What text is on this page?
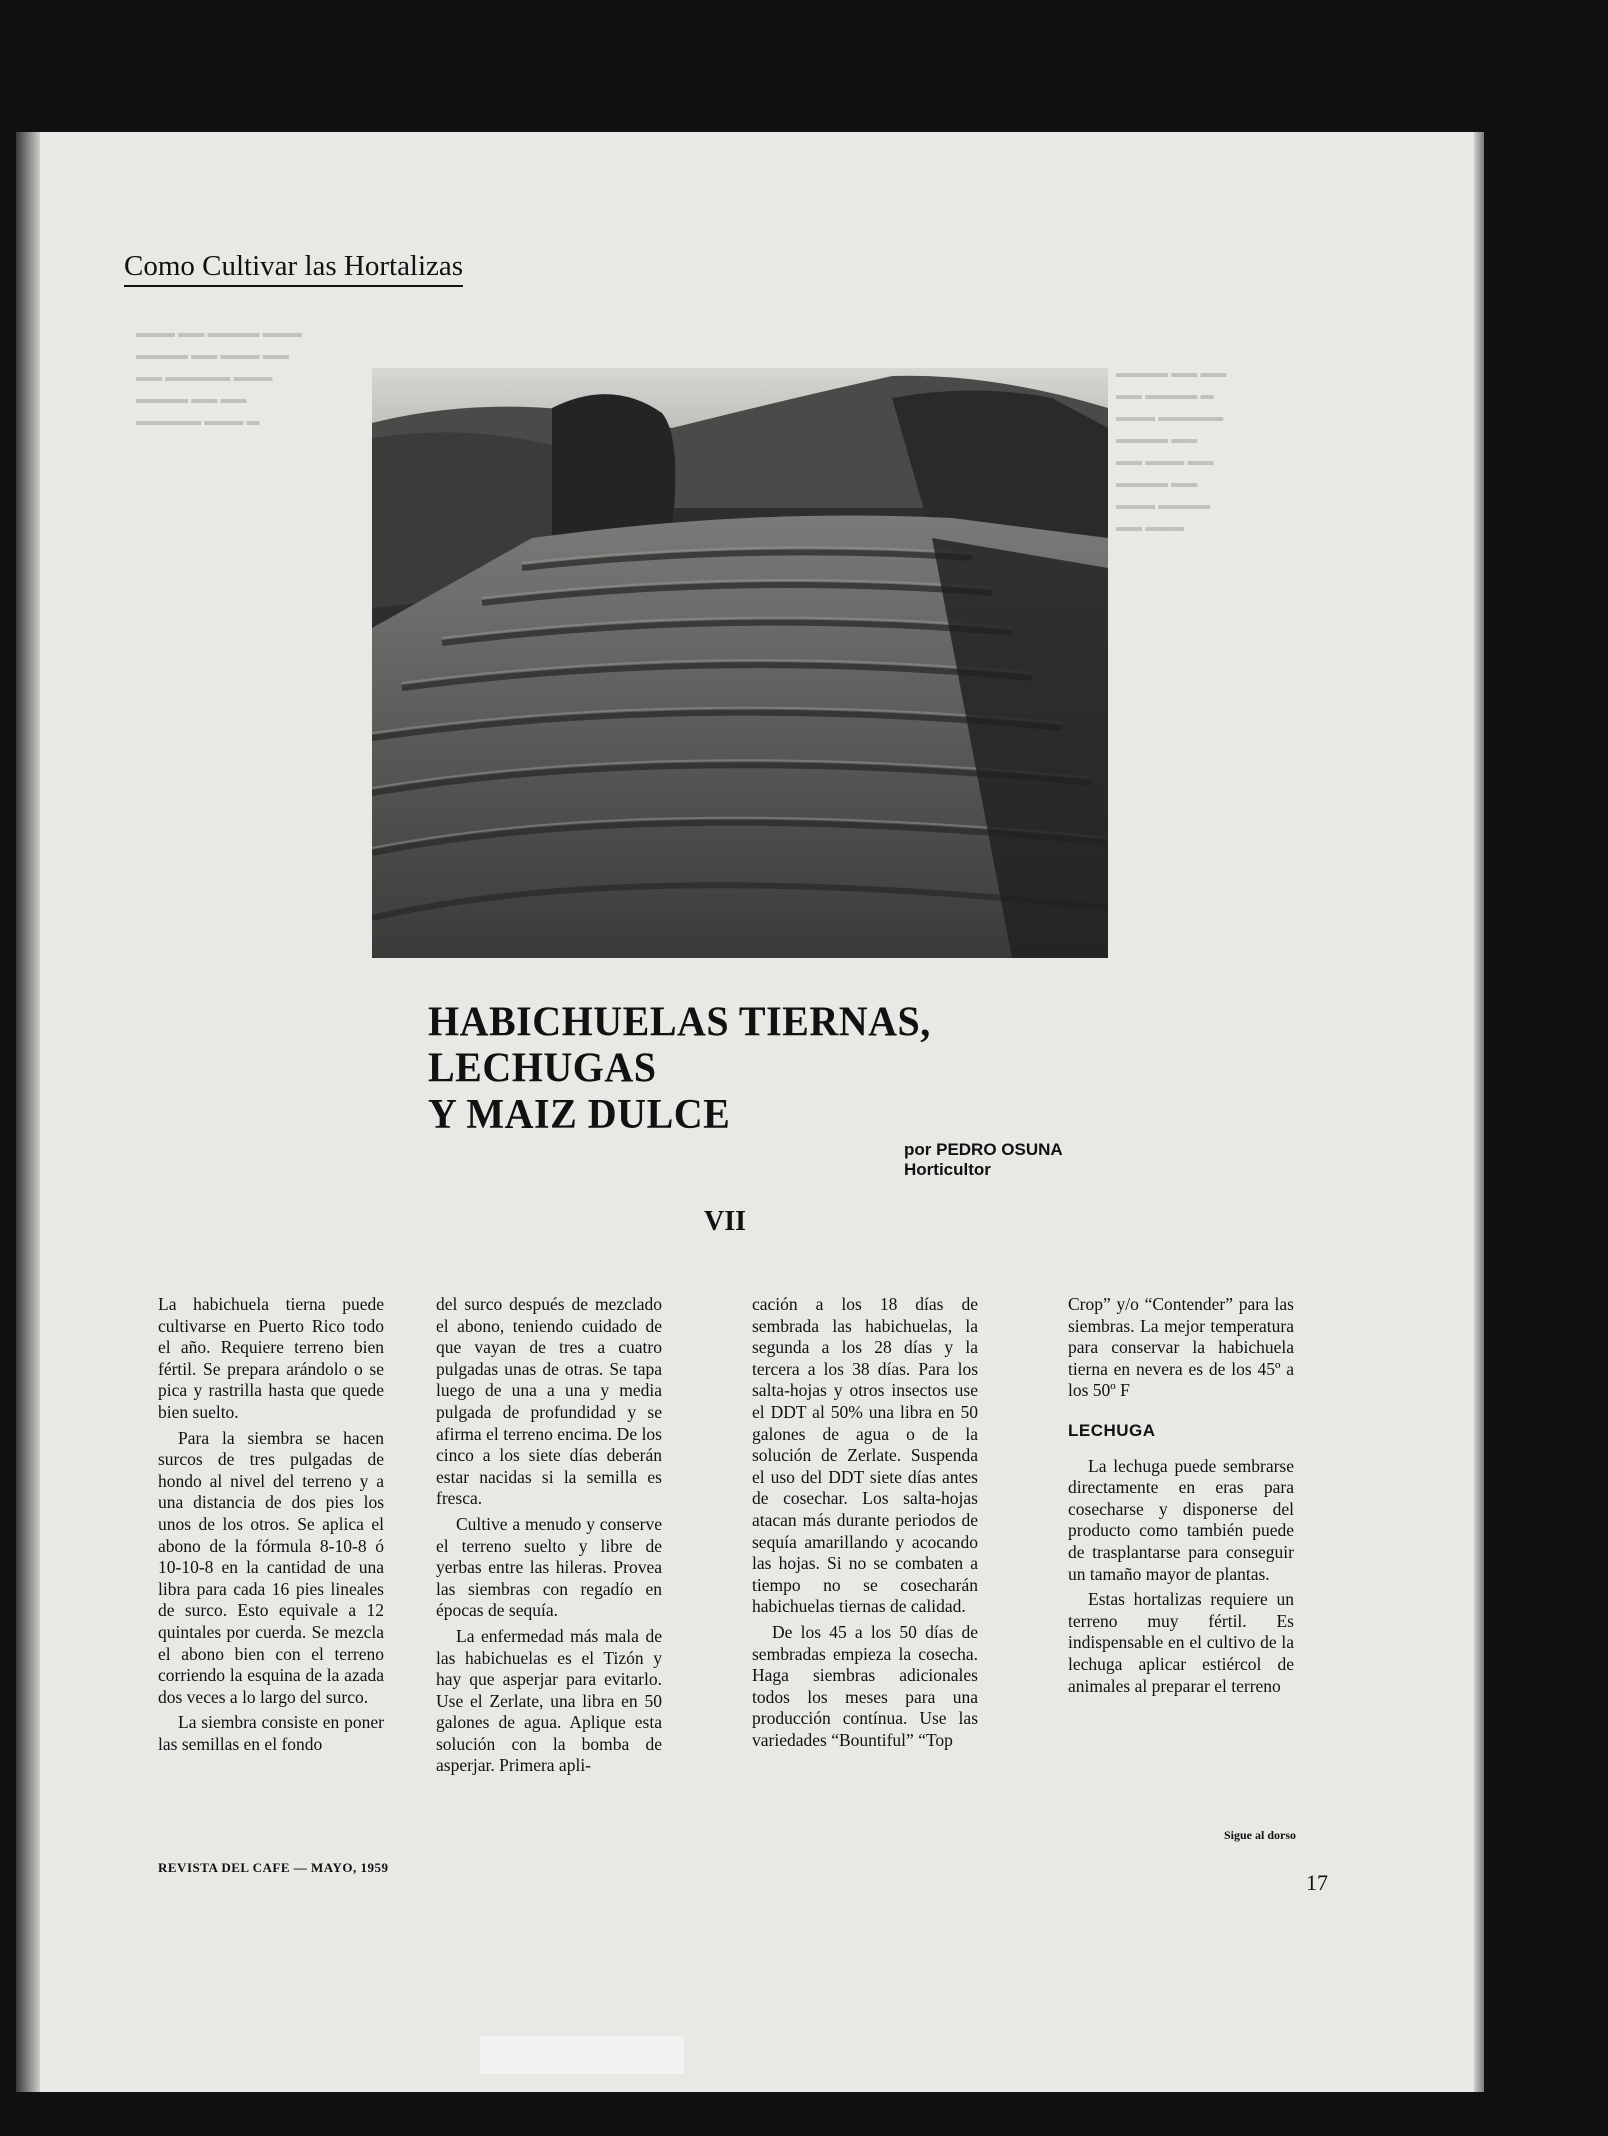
▬▬▬ ▬▬ ▬▬▬▬ ▬▬▬
▬▬▬▬ ▬▬ ▬▬▬ ▬▬
▬▬ ▬▬▬▬▬ ▬▬▬
▬▬▬▬ ▬▬ ▬▬
▬▬▬▬▬ ▬▬▬ ▬
▬▬▬▬ ▬▬ ▬▬
▬▬ ▬▬▬▬ ▬
▬▬▬ ▬▬▬▬▬
▬▬▬▬ ▬▬
▬▬ ▬▬▬ ▬▬
▬▬▬▬ ▬▬
▬▬▬ ▬▬▬▬
▬▬ ▬▬▬
Como Cultivar las Hortalizas
HABICHUELAS TIERNAS, LECHUGAS
Y MAIZ DULCE
por PEDRO OSUNA
Horticultor
VII

La habichuela tierna puede cultivarse en Puerto Rico todo el año. Requiere terreno bien fértil. Se prepara arándolo o se pica y rastrilla hasta que quede bien suelto.

Para la siembra se hacen surcos de tres pulgadas de hondo al nivel del terreno y a una distancia de dos pies los unos de los otros. Se aplica el abono de la fórmula 8-10-8 ó 10-10-8 en la cantidad de una libra para cada 16 pies lineales de surco. Esto equivale a 12 quintales por cuerda. Se mezcla el abono bien con el terreno corriendo la esquina de la azada dos veces a lo largo del surco.

La siembra consiste en poner las semillas en el fondo

del surco después de mezclado el abono, teniendo cuidado de que vayan de tres a cuatro pulgadas unas de otras. Se tapa luego de una a una y media pulgada de profundidad y se afirma el terreno encima. De los cinco a los siete días deberán estar nacidas si la semilla es fresca.

Cultive a menudo y conserve el terreno suelto y libre de yerbas entre las hileras. Provea las siembras con regadío en épocas de sequía.

La enfermedad más mala de las habichuelas es el Tizón y hay que asperjar para evitarlo. Use el Zerlate, una libra en 50 galones de agua. Aplique esta solución con la bomba de asperjar. Primera apli-

cación a los 18 días de sembrada las habichuelas, la segunda a los 28 días y la tercera a los 38 días. Para los salta-hojas y otros insectos use el DDT al 50% una libra en 50 galones de agua o de la solución de Zerlate. Suspenda el uso del DDT siete días antes de cosechar. Los salta-hojas atacan más durante periodos de sequía amarillando y acocando las hojas. Si no se combaten a tiempo no se cosecharán habichuelas tiernas de calidad.

De los 45 a los 50 días de sembradas empieza la cosecha. Haga siembras adicionales todos los meses para una producción contínua. Use las variedades “Bountiful” “Top

Crop” y/o “Contender” para las siembras. La mejor temperatura para conservar la habichuela tierna en nevera es de los 45º a los 50º F

LECHUGA

La lechuga puede sembrarse directamente en eras para cosecharse y disponerse del producto como también puede de trasplantarse para conseguir un tamaño mayor de plantas.

Estas hortalizas requiere un terreno muy fértil. Es indispensable en el cultivo de la lechuga aplicar estiércol de animales al preparar el terreno

Sigue al dorso
REVISTA DEL CAFE — MAYO, 1959
17
